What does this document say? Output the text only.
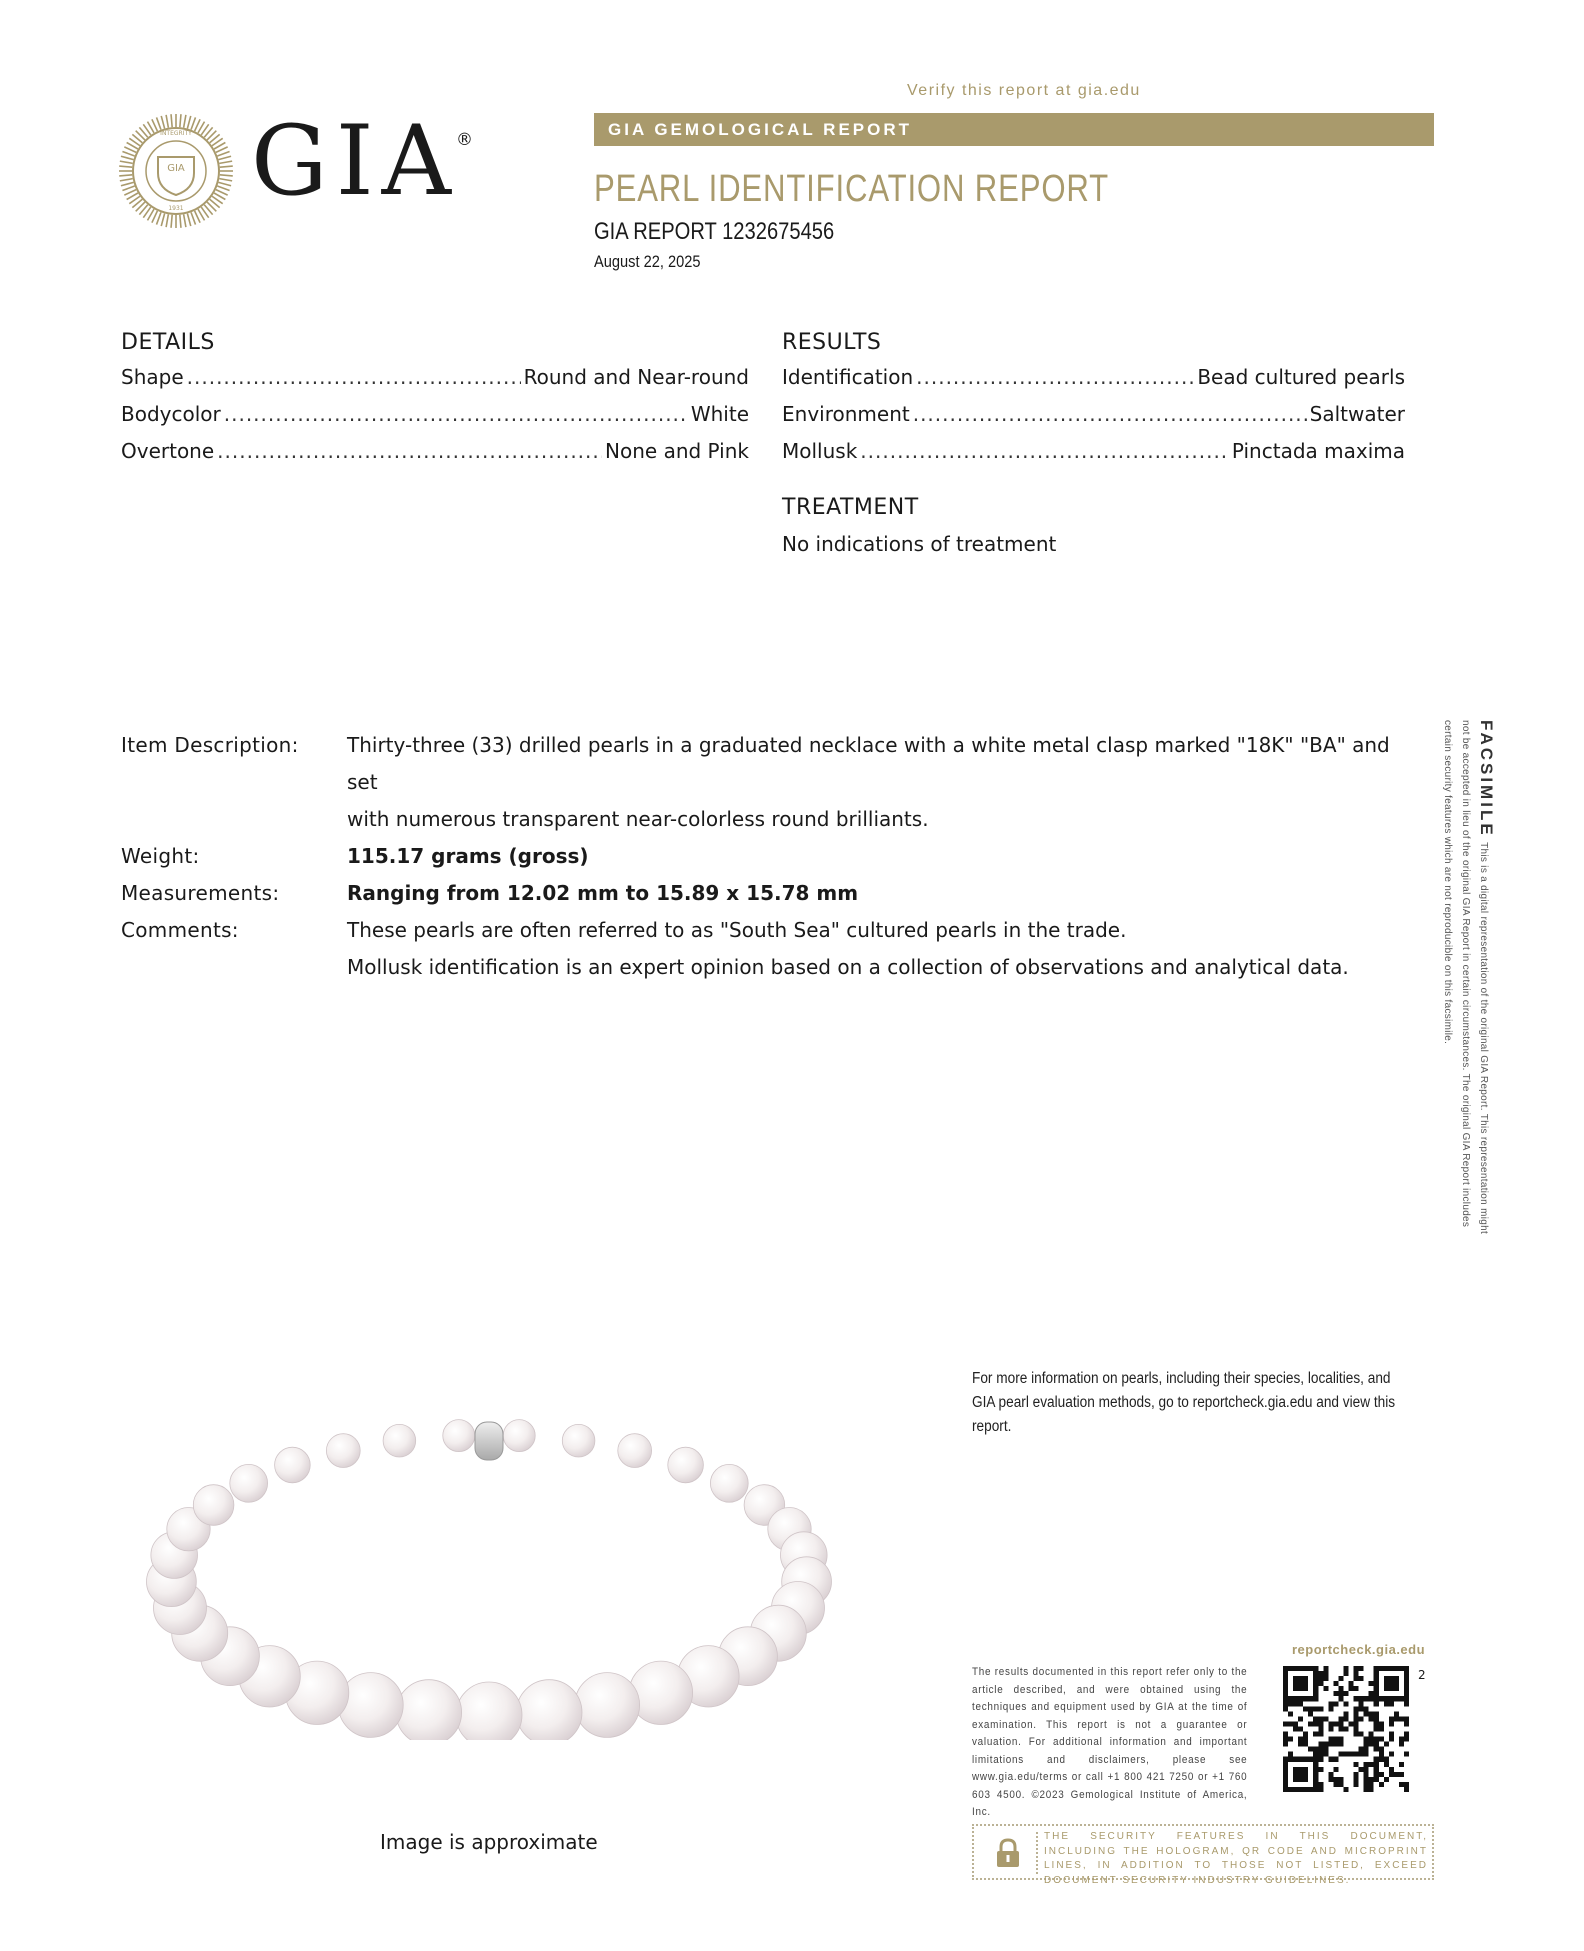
Verify this report at gia.edu
GIA GEMOLOGICAL REPORT
PEARL IDENTIFICATION REPORT
GIA REPORT 1232675456
August 22, 2025
GIA
INTEGRITY
1931 GIA
®
DETAILS
Shape .....	Round and Near-round
Bodycolor .....	White
Overtone .....	None and Pink
RESULTS
Identification .....	Bead cultured pearls
Environment .....	Saltwater
Mollusk .....	Pinctada maxima
TREATMENT
No indications of treatment
Item Description:	Thirty-three (33) drilled pearls in a graduated necklace with a white metal clasp marked "18K" "BA" and set
with numerous transparent near-colorless round brilliants.
Weight:	115.17 grams (gross)
Measurements:	Ranging from 12.02 mm to 15.89 x 15.78 mm
Comments:	These pearls are often referred to as "South Sea" cultured pearls in the trade.
Mollusk identification is an expert opinion based on a collection of observations and analytical data.
FACSIMILE This is a digital representation of the original GIA Report. This representation might not be accepted in lieu of the original GIA Report in certain circumstances. The original GIA Report includes certain security features which are not reproducible on this facsimile.
For more information on pearls, including their species, localities, and GIA pearl evaluation methods, go to reportcheck.gia.edu and view this report.
Image is approximate
reportcheck.gia.edu
The results documented in this report refer only to the article described, and were obtained using the techniques and equipment used by GIA at the time of examination. This report is not a guarantee or valuation. For additional information and important limitations and disclaimers, please see www.gia.edu/terms or call +1 800 421 7250 or +1 760 603 4500. ©2023 Gemological Institute of America, Inc.
2
THE SECURITY FEATURES IN THIS DOCUMENT, INCLUDING THE HOLOGRAM, QR CODE AND MICROPRINT LINES, IN ADDITION TO THOSE NOT LISTED, EXCEED DOCUMENT SECURITY INDUSTRY GUIDELINES.
